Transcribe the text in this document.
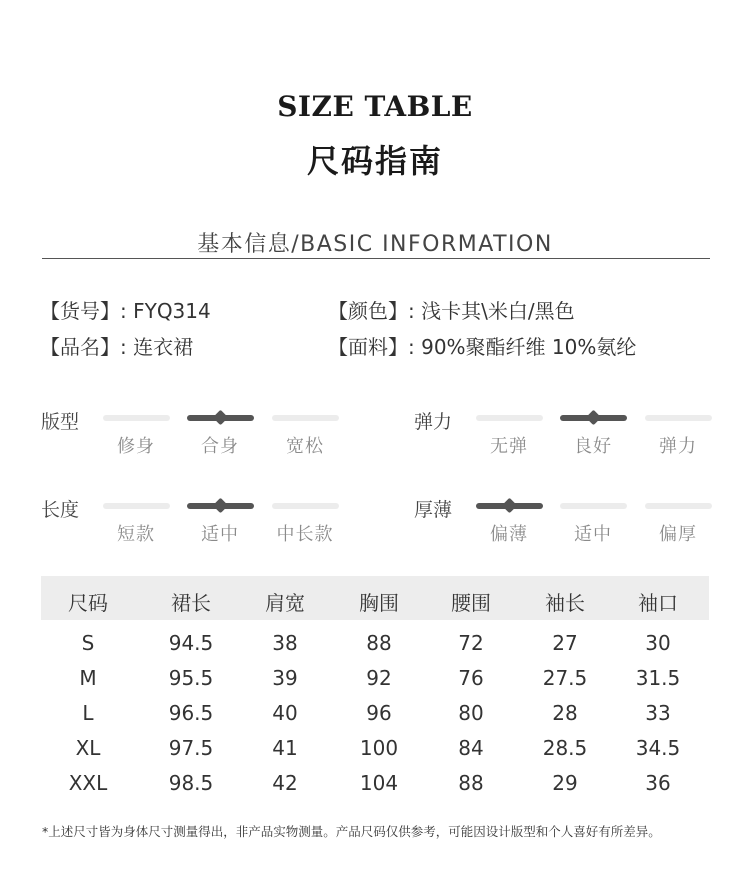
SIZE TABLE
尺码指南
基本信息/BASIC INFORMATION
【货号】: FYQ314
【品名】: 连衣裙
【颜色】: 浅卡其\米白/黑色
【面料】: 90%聚酯纤维 10%氨纶
版型
修身	合身	宽松
弹力
无弹	良好	弹力
长度
短款	适中	中长款
厚薄
偏薄	适中	偏厚
尺码	裙长	肩宽	胸围	腰围	袖长	袖口
S	94.5	38	88	72	27	30
M	95.5	39	92	76	27.5	31.5
L	96.5	40	96	80	28	33
XL	97.5	41	100	84	28.5	34.5
XXL	98.5	42	104	88	29	36
*上述尺寸皆为身体尺寸测量得出，非产品实物测量。产品尺码仅供参考，可能因设计版型和个人喜好有所差异。
